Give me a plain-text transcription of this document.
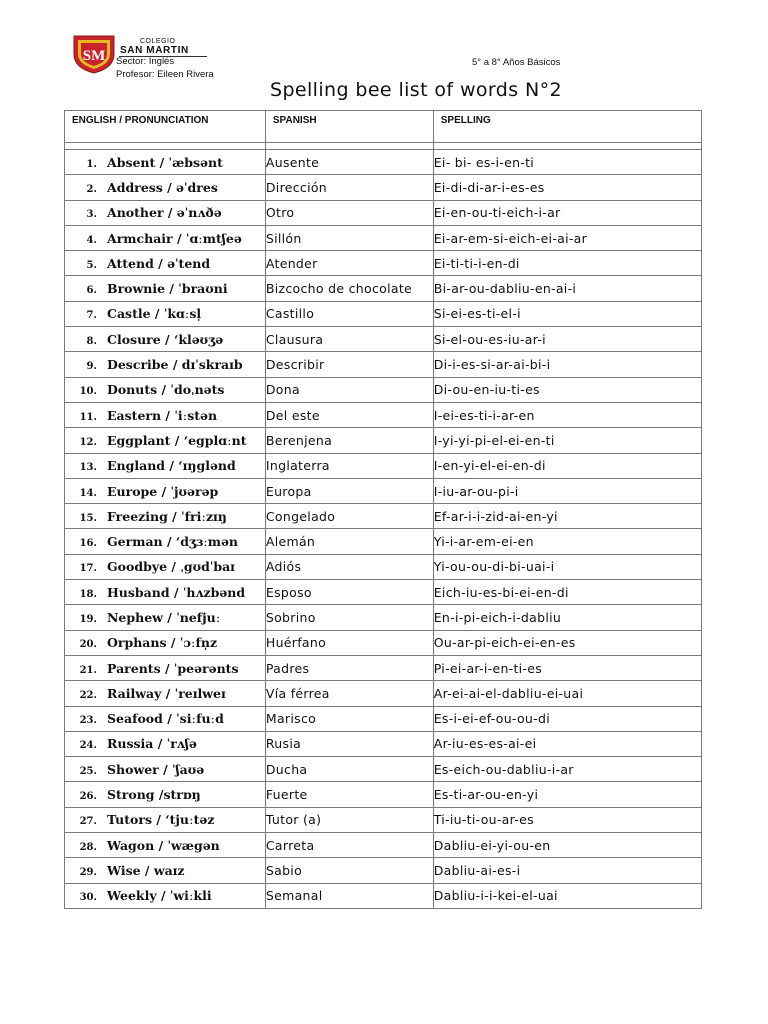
SM
COLEGIO
SAN MARTIN
Sector: Inglés
Profesor: Eileen Rivera
5° a 8° Años Básicos
Spelling bee list of words N°2
ENGLISH / PRONUNCIATION	SPANISH	SPELLING

1. Absent / ˈæbsənt	Ausente	Ei- bi- es-i-en-ti
2. Address / əˈdres	Dirección	Ei-di-di-ar-i-es-es
3. Another / əˈnʌðə	Otro	Ei-en-ou-ti-eich-i-ar
4. Armchair / ˈɑːmtʃeə	Sillón	Ei-ar-em-si-eich-ei-ai-ar
5. Attend / əˈtend	Atender	Ei-ti-ti-i-en-di
6. Brownie / ˈbraʊni	Bizcocho de chocolate	Bi-ar-ou-dabliu-en-ai-i
7. Castle / ˈkɑːsl̩	Castillo	Si-ei-es-ti-el-i
8. Closure / ‘kləʊʒə	Clausura	Si-el-ou-es-iu-ar-i
9. Describe / dɪˈskraɪb	Describir	Di-i-es-si-ar-ai-bi-i
10. Donuts / ˈdoˌnəts	Dona	Di-ou-en-iu-ti-es
11. Eastern / ˈiːstən	Del este	I-ei-es-ti-i-ar-en
12. Eggplant / ‘egplɑːnt	Berenjena	I-yi-yi-pi-el-ei-en-ti
13. England / ‘ɪŋglənd	Inglaterra	I-en-yi-el-ei-en-di
14. Europe / ˈjʊərəp	Europa	I-iu-ar-ou-pi-i
15. Freezing / ˈfriːzɪŋ	Congelado	Ef-ar-i-i-zid-ai-en-yi
16. German / ‘dʒɜːmən	Alemán	Yi-i-ar-em-ei-en
17. Goodbye / ˌgʊdˈbaɪ	Adiós	Yi-ou-ou-di-bi-uai-i
18. Husband / ˈhʌzbənd	Esposo	Eich-iu-es-bi-ei-en-di
19. Nephew / ˈnefjuː	Sobrino	En-i-pi-eich-i-dabliu
20. Orphans / ˈɔːfn̩z	Huérfano	Ou-ar-pi-eich-ei-en-es
21. Parents / ˈpeərənts	Padres	Pi-ei-ar-i-en-ti-es
22. Railway / ˈreɪlweɪ	Vía férrea	Ar-ei-ai-el-dabliu-ei-uai
23. Seafood / ˈsiːfuːd	Marisco	Es-i-ei-ef-ou-ou-di
24. Russia / ˈrʌʃə	Rusia	Ar-iu-es-es-ai-ei
25. Shower / ˈʃaʊə	Ducha	Es-eich-ou-dabliu-i-ar
26. Strong /strɒŋ	Fuerte	Es-ti-ar-ou-en-yi
27. Tutors / ‘tjuːtəz	Tutor (a)	Ti-iu-ti-ou-ar-es
28. Wagon / ˈwægən	Carreta	Dabliu-ei-yi-ou-en
29. Wise / waɪz	Sabio	Dabliu-ai-es-i
30. Weekly / ˈwiːkli	Semanal	Dabliu-i-i-kei-el-uai
